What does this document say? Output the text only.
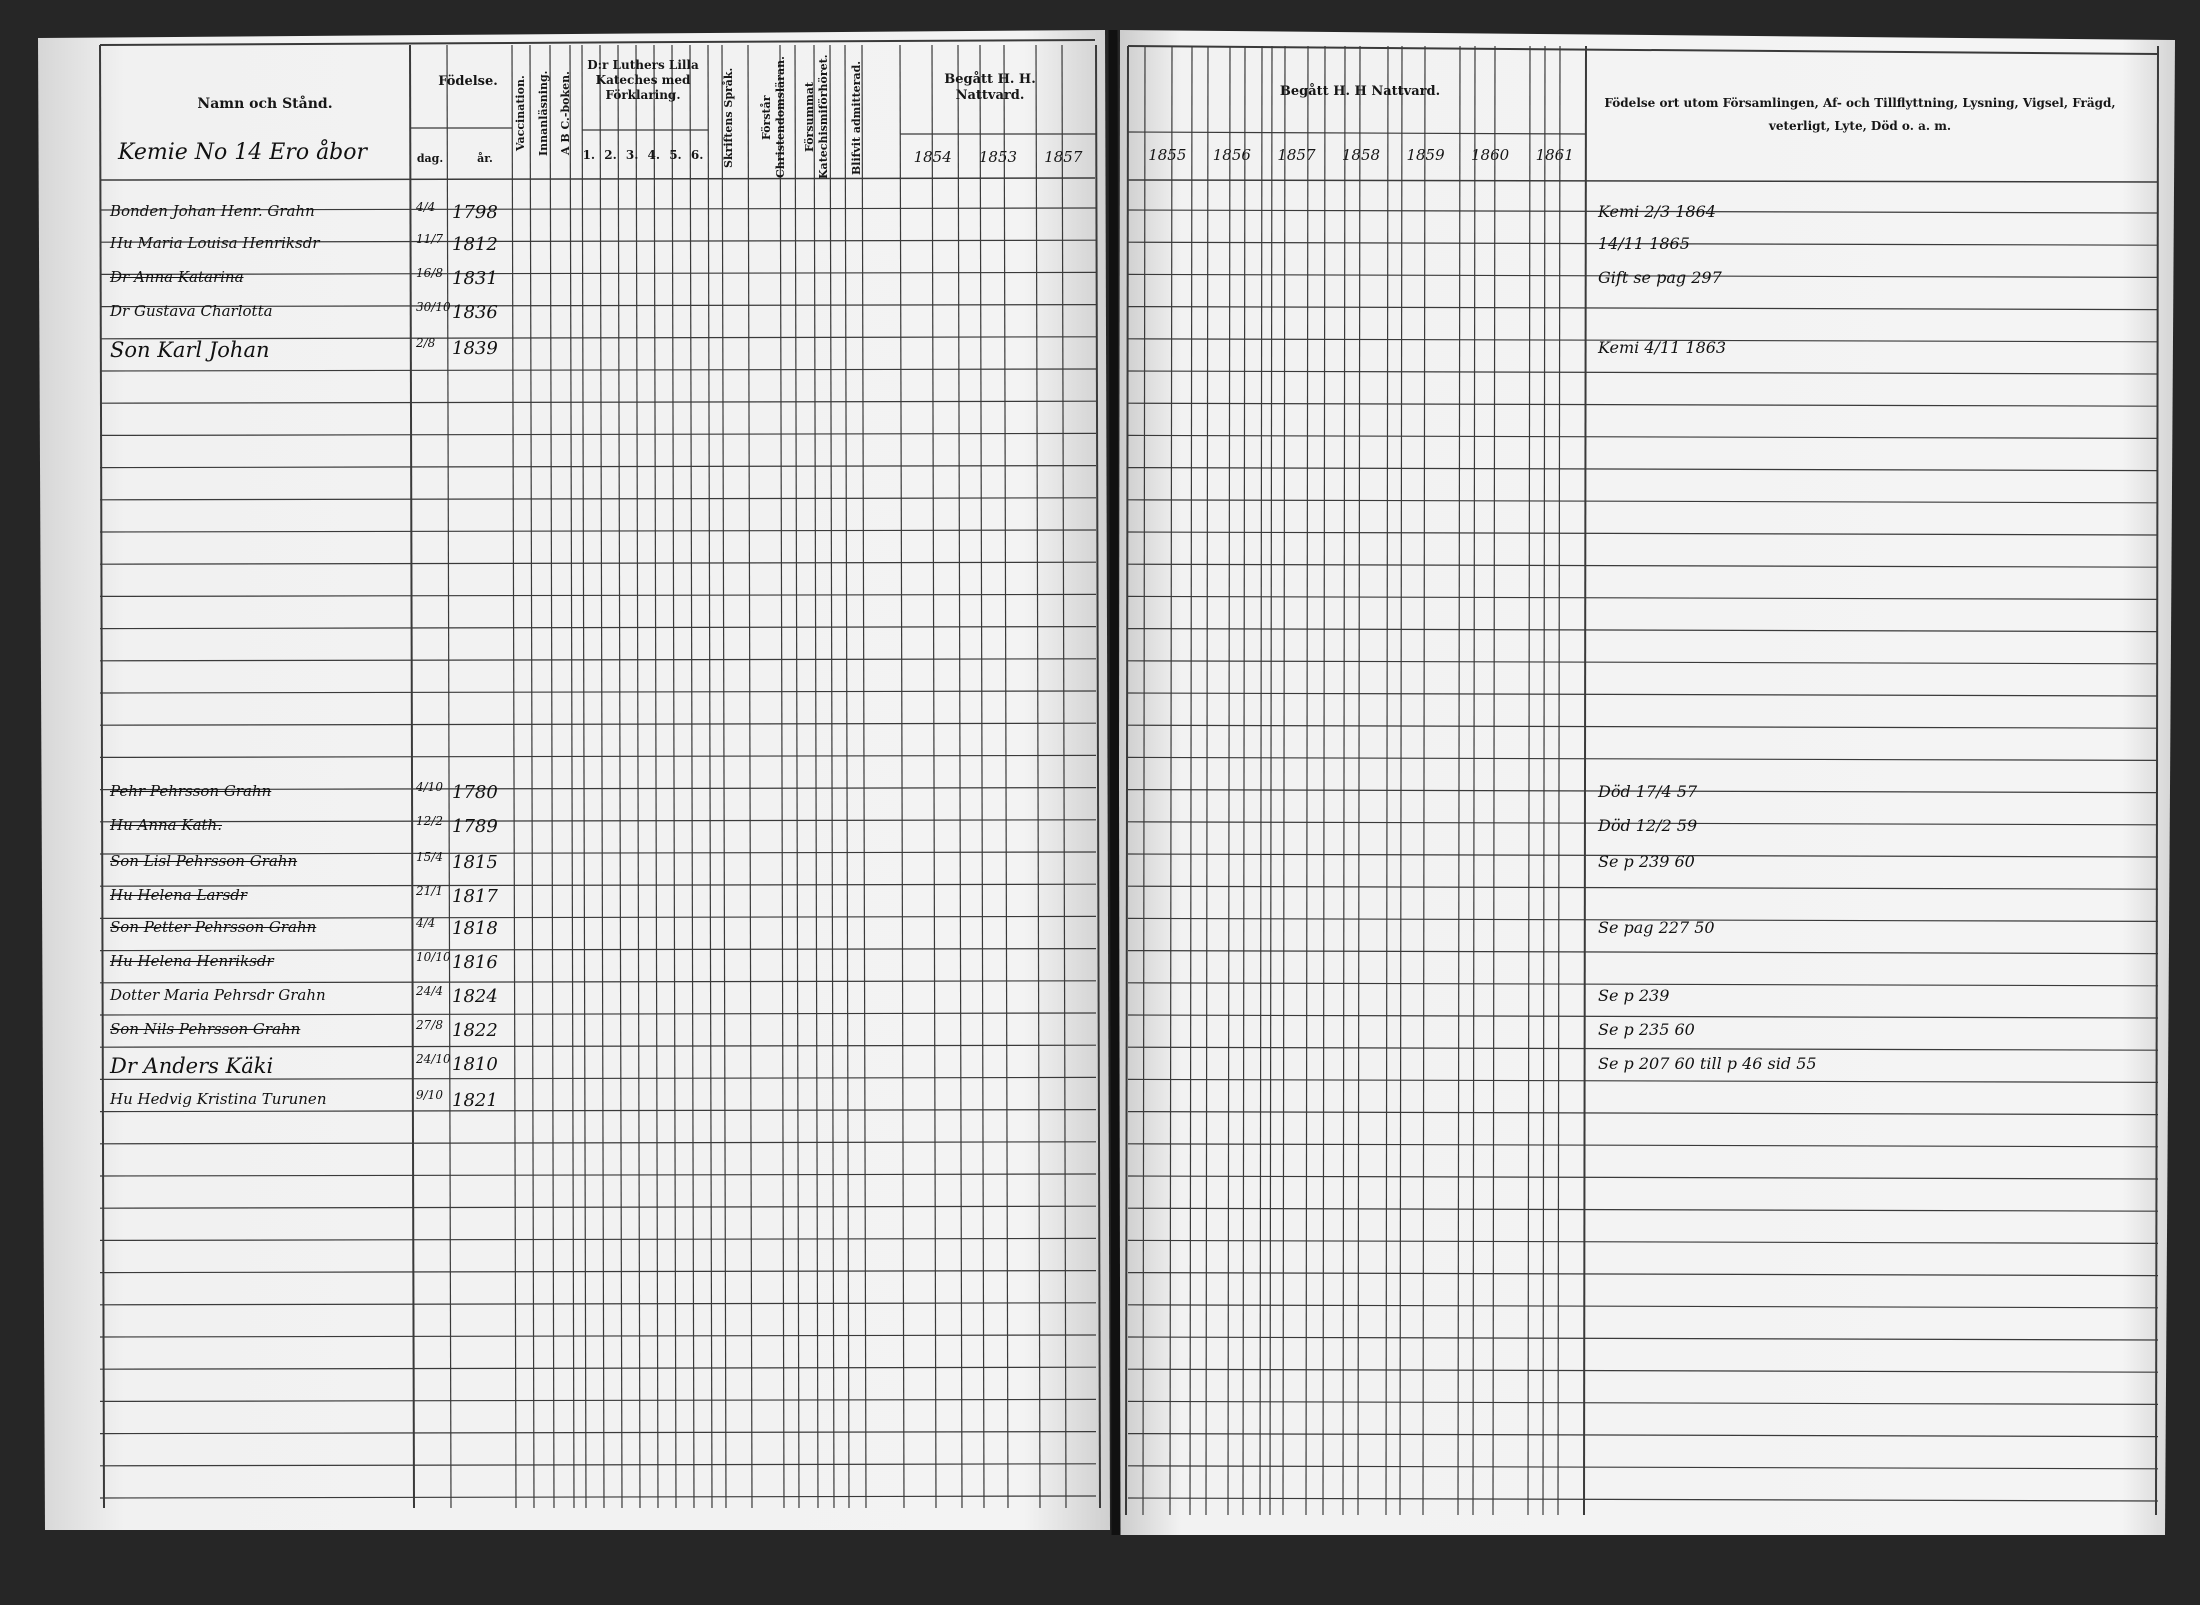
Namn och Stånd.
Födelse.
dag.	år.
Vaccination. Innanläsning. A B C.-boken.
D:r Luthers Lilla Kateches med Förklaring.
1. 2. 3. 4. 5. 6. Skriftens Språk. Förstår Christendomsläran. Försummat Katechismiförhöret. Blifvit admitterad.	Begått H. H. Nattvard.
1854 1853 1857
Begått H. H Nattvard.
1855 1856 1857 1858 1859 1860 1861
Födelse ort utom Församlingen, Af- och Tillflyttning, Lysning, Vigsel, Frägd, veterligt, Lyte, Död o. a. m.
Kemie No 14 Ero åbor
Bonden Johan Henr. Grahn	4/4 1798	Kemi 2/3 1864
Hu Maria Louisa Henriksdr	11/7 1812	14/11 1865
Dr Anna Katarina	16/8 1831	Gift se pag 297
Dr Gustava Charlotta	30/10 1836
Son Karl Johan	2/8 1839	Kemi 4/11 1863
Pehr Pehrsson Grahn	4/10 1780	Död 17/4 57
Hu Anna Kath.	12/2 1789	Död 12/2 59
Son Lisl Pehrsson Grahn	15/4 1815	Se p 239 60
Hu Helena Larsdr	21/1 1817
Son Petter Pehrsson Grahn	4/4 1818	Se pag 227 50
Hu Helena Henriksdr	10/10 1816
Dotter Maria Pehrsdr Grahn	24/4 1824	Se p 239
Son Nils Pehrsson Grahn	27/8 1822	Se p 235 60
Dr Anders Käki	24/10 1810	Se p 207 60 till p 46 sid 55
Hu Hedvig Kristina Turunen	9/10 1821
